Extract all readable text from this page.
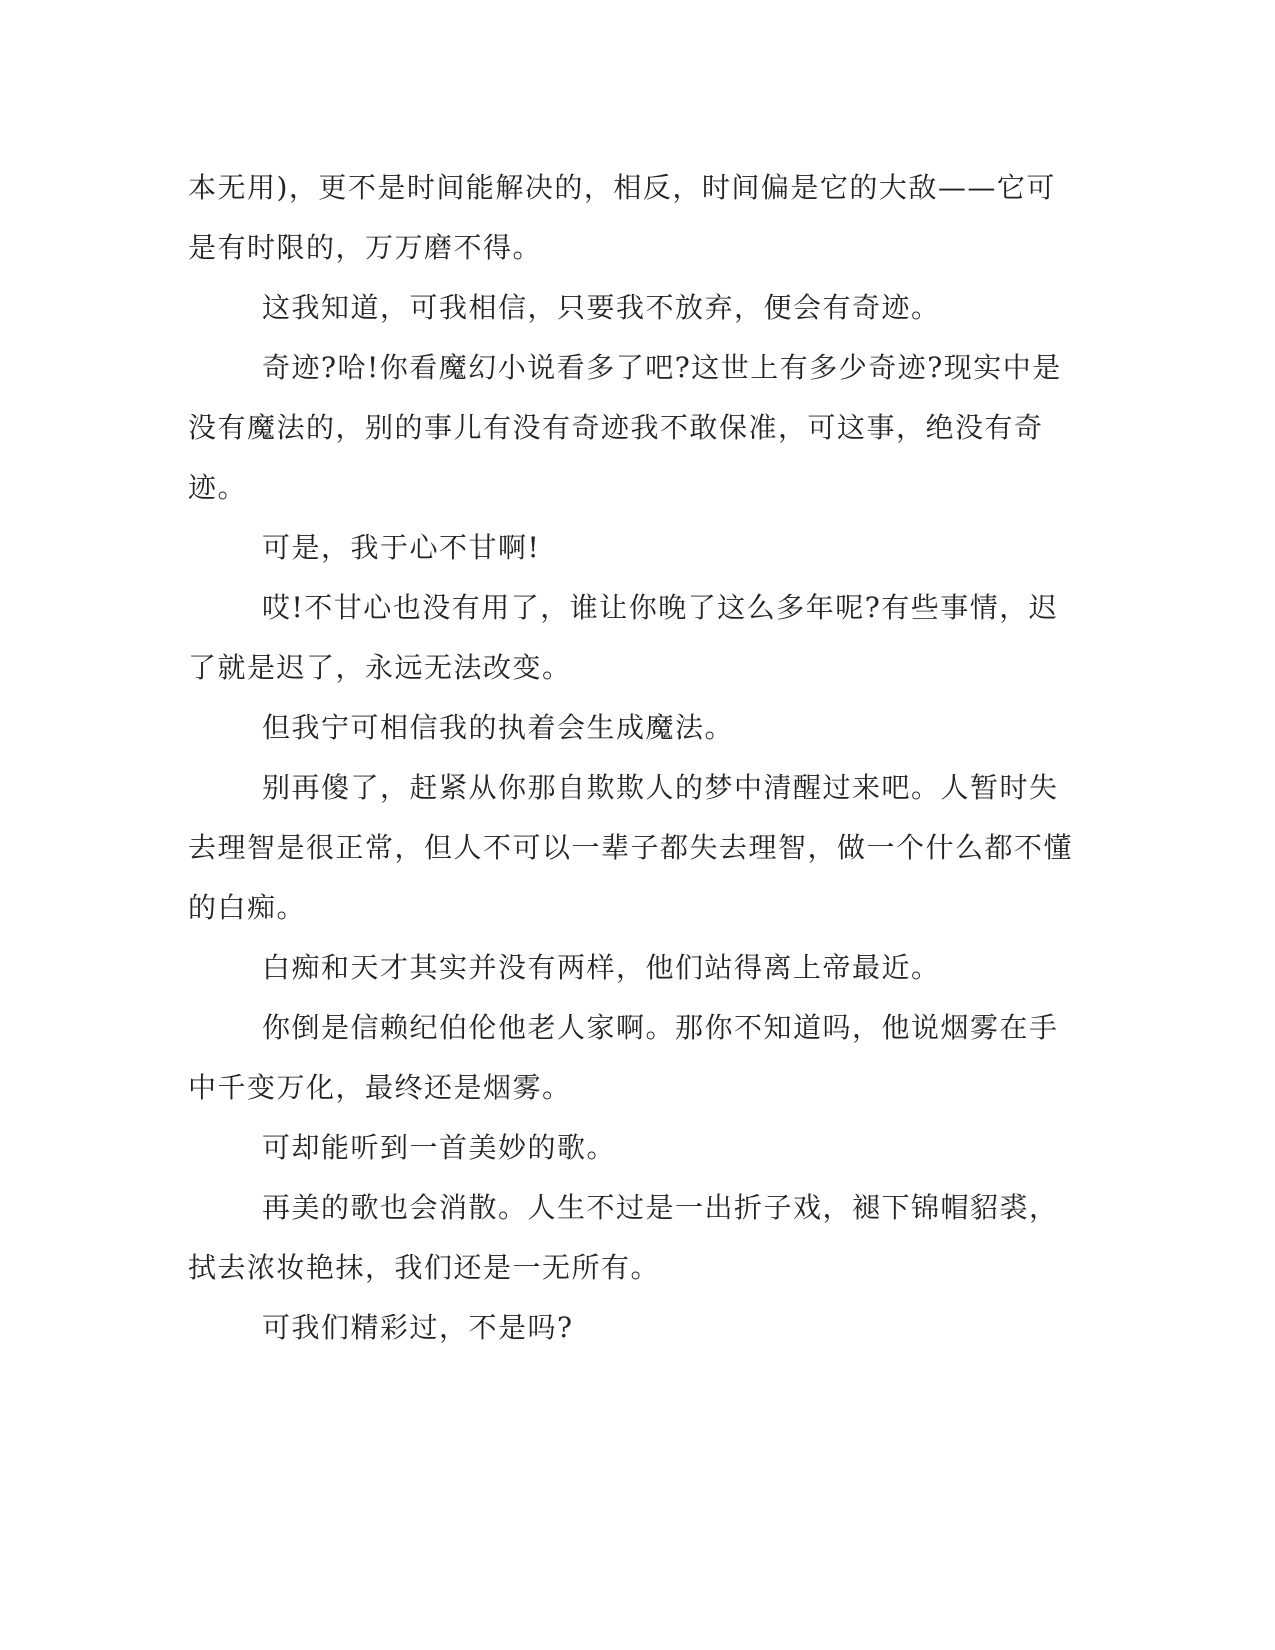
本无用)，更不是时间能解决的，相反，时间偏是它的大敌——它可是有时限的，万万磨不得。

这我知道，可我相信，只要我不放弃，便会有奇迹。

奇迹?哈!你看魔幻小说看多了吧?这世上有多少奇迹?现实中是没有魔法的，别的事儿有没有奇迹我不敢保准，可这事，绝没有奇迹。

可是，我于心不甘啊!

哎!不甘心也没有用了，谁让你晚了这么多年呢?有些事情，迟了就是迟了，永远无法改变。

但我宁可相信我的执着会生成魔法。

别再傻了，赶紧从你那自欺欺人的梦中清醒过来吧。人暂时失去理智是很正常，但人不可以一辈子都失去理智，做一个什么都不懂的白痴。

白痴和天才其实并没有两样，他们站得离上帝最近。

你倒是信赖纪伯伦他老人家啊。那你不知道吗，他说烟雾在手中千变万化，最终还是烟雾。

可却能听到一首美妙的歌。

再美的歌也会消散。人生不过是一出折子戏，褪下锦帽貂裘，拭去浓妆艳抹，我们还是一无所有。

可我们精彩过，不是吗?
